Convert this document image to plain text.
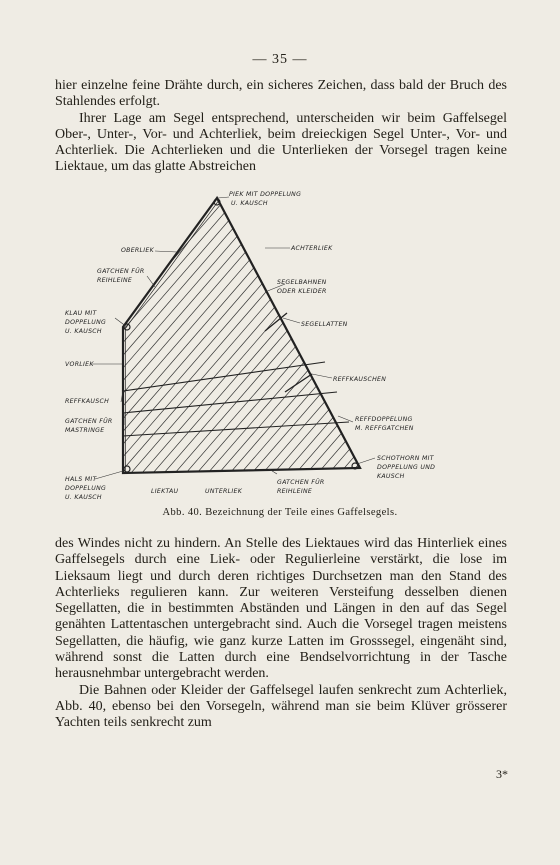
— 35 —

hier einzelne feine Drähte durch, ein sicheres Zeichen, dass bald der Bruch des Stahlendes erfolgt.

Ihrer Lage am Segel entsprechend, unterscheiden wir beim Gaffelsegel Ober-, Unter-, Vor- und Achterliek, beim dreieckigen Segel Unter-, Vor- und Achterliek. Die Achterlieken und die Unterlieken der Vorsegel tragen keine Liektaue, um das glatte Abstreichen

PIEK MIT DOPPELUNG
U. KAUSCH
ACHTERLIEK
OBERLIEK
GATCHEN FÜR
REIHLEINE	SEGELBAHNEN
ODER KLEIDER
KLAU MIT
DOPPELUNG
U. KAUSCH
SEGELLATTEN
VORLIEK
REFFKAUSCHEN
REFFKAUSCH
GATCHEN FÜR
MASTRINGE
REFFDOPPELUNG
M. REFFGATCHEN
SCHOTHORN MIT
DOPPELUNG UND
KAUSCH
HALS MIT
DOPPELUNG
U. KAUSCH
GATCHEN FÜR
REIHLEINE
LIEKTAU	UNTERLIEK
Abb. 40. Bezeichnung der Teile eines Gaffelsegels.

des Windes nicht zu hindern. An Stelle des Liektaues wird das Hinterliek eines Gaffelsegels durch eine Liek- oder Regulierleine verstärkt, die lose im Lieksaum liegt und durch deren richtiges Durchsetzen man den Stand des Achterlieks regulieren kann. Zur weiteren Versteifung desselben dienen Segellatten, die in bestimmten Abständen und Längen in den auf das Segel genähten Lattentaschen untergebracht sind. Auch die Vorsegel tragen meistens Segellatten, die häufig, wie ganz kurze Latten im Grosssegel, eingenäht sind, während sonst die Latten durch eine Bendselvorrichtung in der Tasche herausnehmbar untergebracht werden.

Die Bahnen oder Kleider der Gaffelsegel laufen senkrecht zum Achterliek, Abb. 40, ebenso bei den Vorsegeln, während man sie beim Klüver grösserer Yachten teils senkrecht zum

3*
